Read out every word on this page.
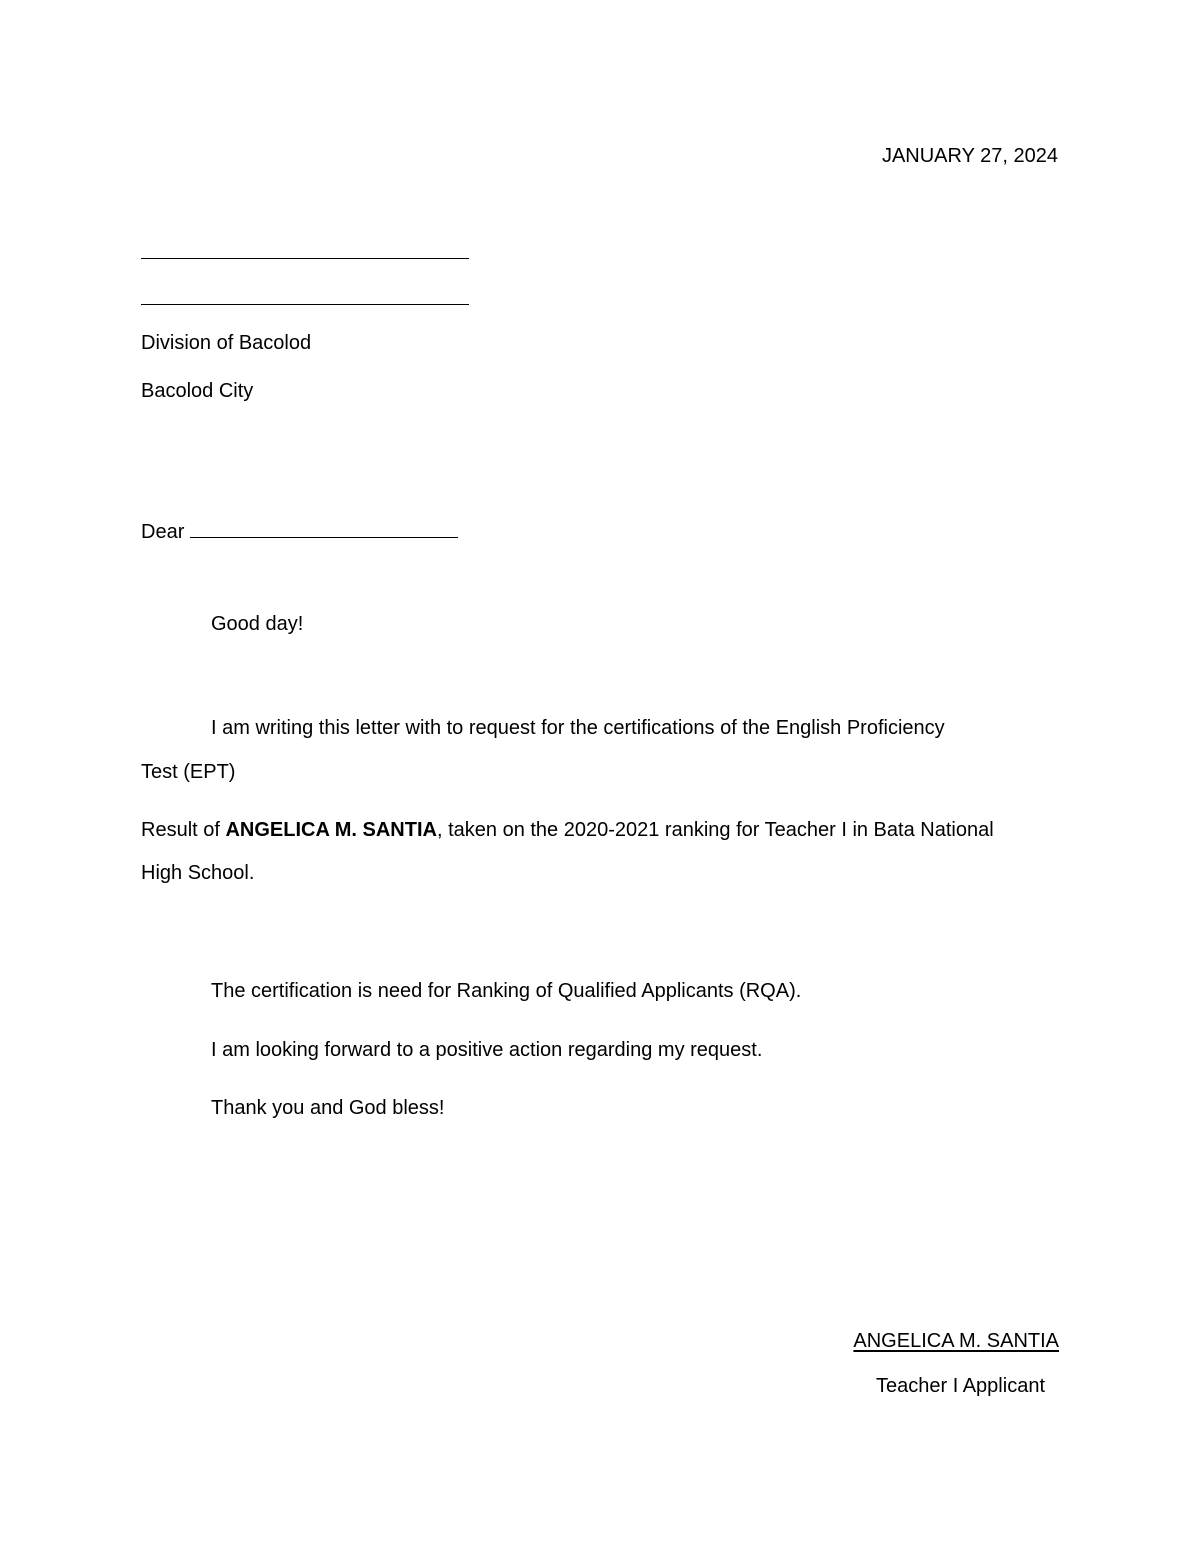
JANUARY 27, 2024
Division of Bacolod
Bacolod City
Dear
Good day!
I am writing this letter with to request for the certifications of the English Proficiency
Test (EPT)
Result of ANGELICA M. SANTIA, taken on the 2020-2021 ranking for Teacher I in Bata National
High School.
The certification is need for Ranking of Qualified Applicants (RQA).
I am looking forward to a positive action regarding my request.
Thank you and God bless!
ANGELICA M. SANTIA
Teacher I Applicant
